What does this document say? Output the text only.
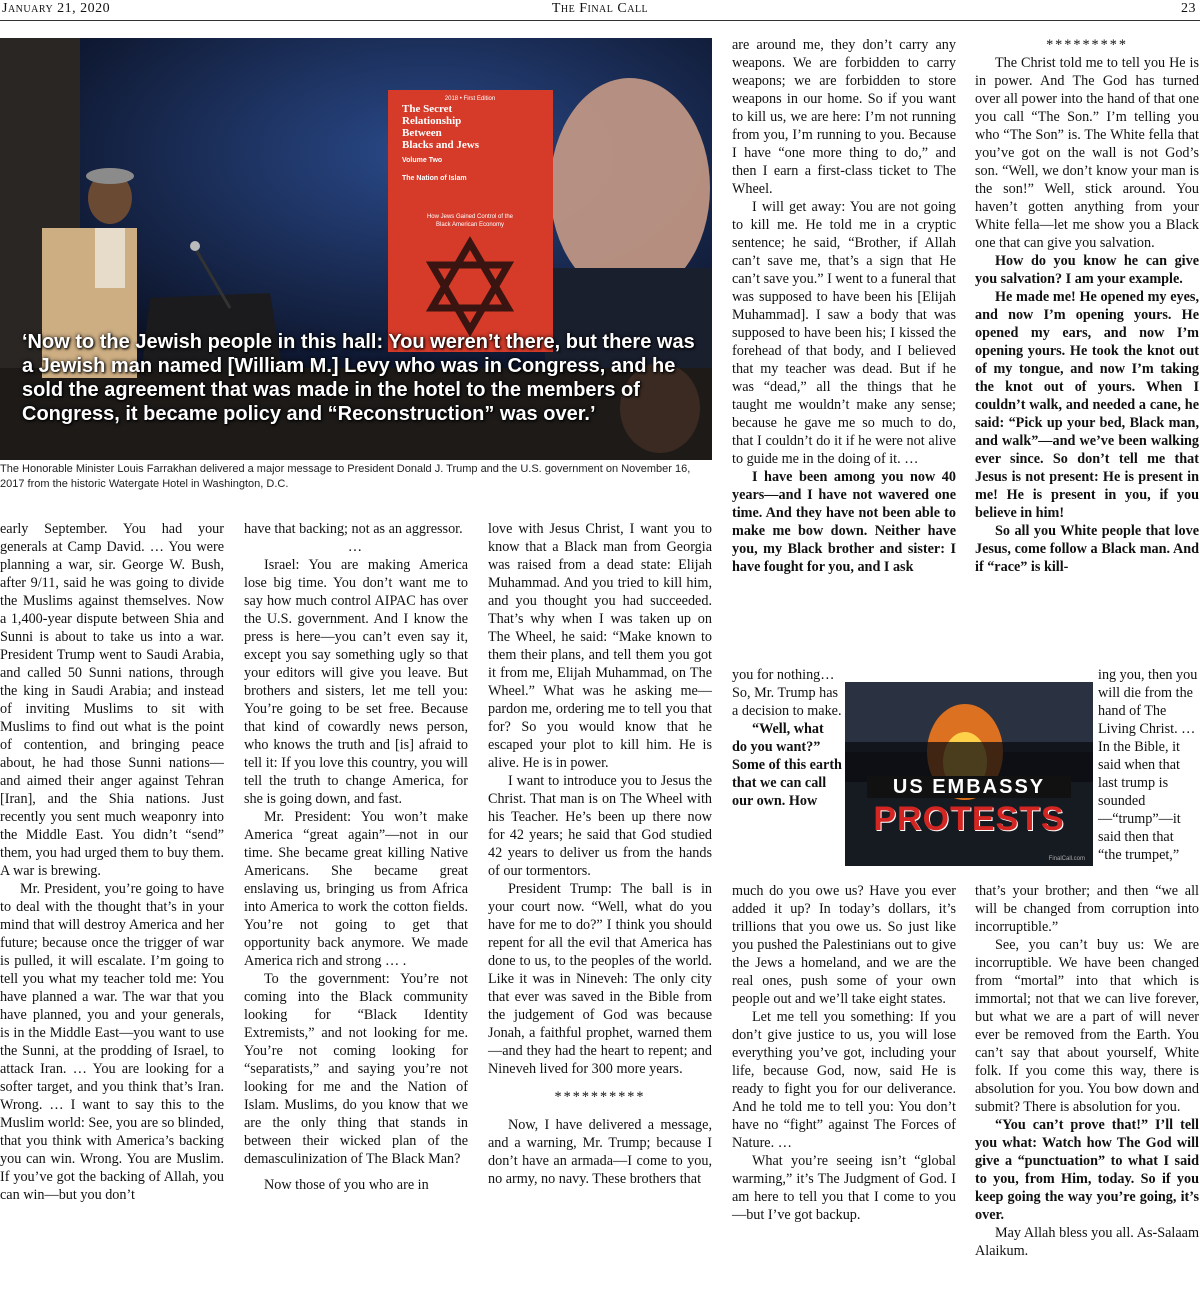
January 21, 2020	The Final Call	23
2018 • First Edition
The Secret
Relationship
Between
Blacks and Jews
Volume Two
The Nation of Islam
How Jews Gained Control of the
Black American Economy
‘Now to the Jewish people in this hall: You weren’t there, but there was a Jewish man named [William M.] Levy who was in Congress, and he sold the agreement that was made in the hotel to the members of Congress, it became policy and “Reconstruction” was over.’
The Honorable Minister Louis Farrakhan delivered a major message to President Donald J. Trump and the U.S. government on November 16, 2017 from the historic Watergate Hotel in Washington, D.C.

early September. You had your generals at Camp David. … You were planning a war, sir. George W. Bush, after 9/11, said he was going to divide the Muslims against themselves. Now a 1,400-year dispute between Shia and Sunni is about to take us into a war. President Trump went to Saudi Arabia, and called 50 Sunni nations, through the king in Saudi Arabia; and instead of inviting Muslims to sit with Muslims to find out what is the point of contention, and bringing peace about, he had those Sunni nations—and aimed their anger against Tehran [Iran], and the Shia nations. Just recently you sent much weaponry into the Middle East. You didn’t “send” them, you had urged them to buy them. A war is brewing.

Mr. President, you’re going to have to deal with the thought that’s in your mind that will destroy America and her future; because once the trigger of war is pulled, it will escalate. I’m going to tell you what my teacher told me: You have planned a war. The war that you have planned, you and your generals, is in the Middle East—you want to use the Sunni, at the prodding of Israel, to attack Iran. … You are looking for a softer target, and you think that’s Iran. Wrong. … I want to say this to the Muslim world: See, you are so blinded, that you think with America’s backing you can win. Wrong. You are Muslim. If you’ve got the backing of Allah, you can win—but you don’t

have that backing; not as an aggressor.

…

Israel: You are making America lose big time. You don’t want me to say how much control AIPAC has over the U.S. government. And I know the press is here—you can’t even say it, except you say something ugly so that your editors will give you leave. But brothers and sisters, let me tell you: You’re going to be set free. Because that kind of cowardly news person, who knows the truth and [is] afraid to tell it: If you love this country, you will tell the truth to change America, for she is going down, and fast.

Mr. President: You won’t make America “great again”—not in our time. She became great killing Native Americans. She became great enslaving us, bringing us from Africa into America to work the cotton fields. You’re not going to get that opportunity back anymore. We made America rich and strong … .

To the government: You’re not coming into the Black community looking for “Black Identity Extremists,” and not looking for me. You’re not coming looking for “separatists,” and saying you’re not looking for me and the Nation of Islam. Muslims, do you know that we are the only thing that stands in between their wicked plan of the demasculinization of The Black Man?

Now those of you who are in

love with Jesus Christ, I want you to know that a Black man from Georgia was raised from a dead state: Elijah Muhammad. And you tried to kill him, and you thought you had succeeded. That’s why when I was taken up on The Wheel, he said: “Make known to them their plans, and tell them you got it from me, Elijah Muhammad, on The Wheel.” What was he asking me—pardon me, ordering me to tell you that for? So you would know that he escaped your plot to kill him. He is alive. He is in power.

I want to introduce you to Jesus the Christ. That man is on The Wheel with his Teacher. He’s been up there now for 42 years; he said that God studied 42 years to deliver us from the hands of our tormentors.

President Trump: The ball is in your court now. “Well, what do you have for me to do?” I think you should repent for all the evil that America has done to us, to the peoples of the world. Like it was in Nineveh: The only city that ever was saved in the Bible from the judgement of God was because Jonah, a faithful prophet, warned them—and they had the heart to repent; and Nineveh lived for 300 more years.

**********

Now, I have delivered a message, and a warning, Mr. Trump; because I don’t have an armada—I come to you, no army, no navy. These brothers that

are around me, they don’t carry any weapons. We are forbidden to carry weapons; we are forbidden to store weapons in our home. So if you want to kill us, we are here: I’m not running from you, I’m running to you. Because I have “one more thing to do,” and then I earn a first-class ticket to The Wheel.

I will get away: You are not going to kill me. He told me in a cryptic sentence; he said, “Brother, if Allah can’t save me, that’s a sign that He can’t save you.” I went to a funeral that was supposed to have been his [Elijah Muhammad]. I saw a body that was supposed to have been his; I kissed the forehead of that body, and I believed that my teacher was dead. But if he was “dead,” all the things that he taught me wouldn’t make any sense; because he gave me so much to do, that I couldn’t do it if he were not alive to guide me in the doing of it. …

I have been among you now 40 years—and I have not wavered one time. And they have not been able to make me bow down. Neither have you, my Black brother and sister: I have fought for you, and I ask

you for nothing… So, Mr. Trump has a decision to make.

“Well, what do you want?” Some of this earth that we can call our own. How

US EMBASSY
PROTESTS
FinalCall.com

much do you owe us? Have you ever added it up? In today’s dollars, it’s trillions that you owe us. So just like you pushed the Palestinians out to give the Jews a homeland, and we are the real ones, push some of your own people out and we’ll take eight states.

Let me tell you something: If you don’t give justice to us, you will lose everything you’ve got, including your life, because God, now, said He is ready to fight you for our deliverance. And he told me to tell you: You don’t have no “fight” against The Forces of Nature. …

What you’re seeing isn’t “global warming,” it’s The Judgment of God. I am here to tell you that I come to you—but I’ve got backup.

*********

The Christ told me to tell you He is in power. And The God has turned over all power into the hand of that one you call “The Son.” I’m telling you who “The Son” is. The White fella that you’ve got on the wall is not God’s son. “Well, we don’t know your man is the son!” Well, stick around. You haven’t gotten anything from your White fella—let me show you a Black one that can give you salvation.

How do you know he can give you salvation? I am your example.

He made me! He opened my eyes, and now I’m opening yours. He opened my ears, and now I’m opening yours. He took the knot out of my tongue, and now I’m taking the knot out of yours. When I couldn’t walk, and needed a cane, he said: “Pick up your bed, Black man, and walk”—and we’ve been walking ever since. So don’t tell me that Jesus is not present: He is present in me! He is present in you, if you believe in him!

So all you White people that love Jesus, come follow a Black man. And if “race” is kill-

ing you, then you will die from the hand of The Living Christ. … In the Bible, it said when that last trump is sounded—“trump”—it said then that “the trumpet,”

that’s your brother; and then “we all will be changed from corruption into incorruptible.”

See, you can’t buy us: We are incorruptible. We have been changed from “mortal” into that which is immortal; not that we can live forever, but what we are a part of will never ever be removed from the Earth. You can’t say that about yourself, White folk. If you come this way, there is absolution for you. You bow down and submit? There is absolution for you.

“You can’t prove that!” I’ll tell you what: Watch how The God will give a “punctuation” to what I said to you, from Him, today. So if you keep going the way you’re going, it’s over.

May Allah bless you all. As-Salaam Alaikum.
